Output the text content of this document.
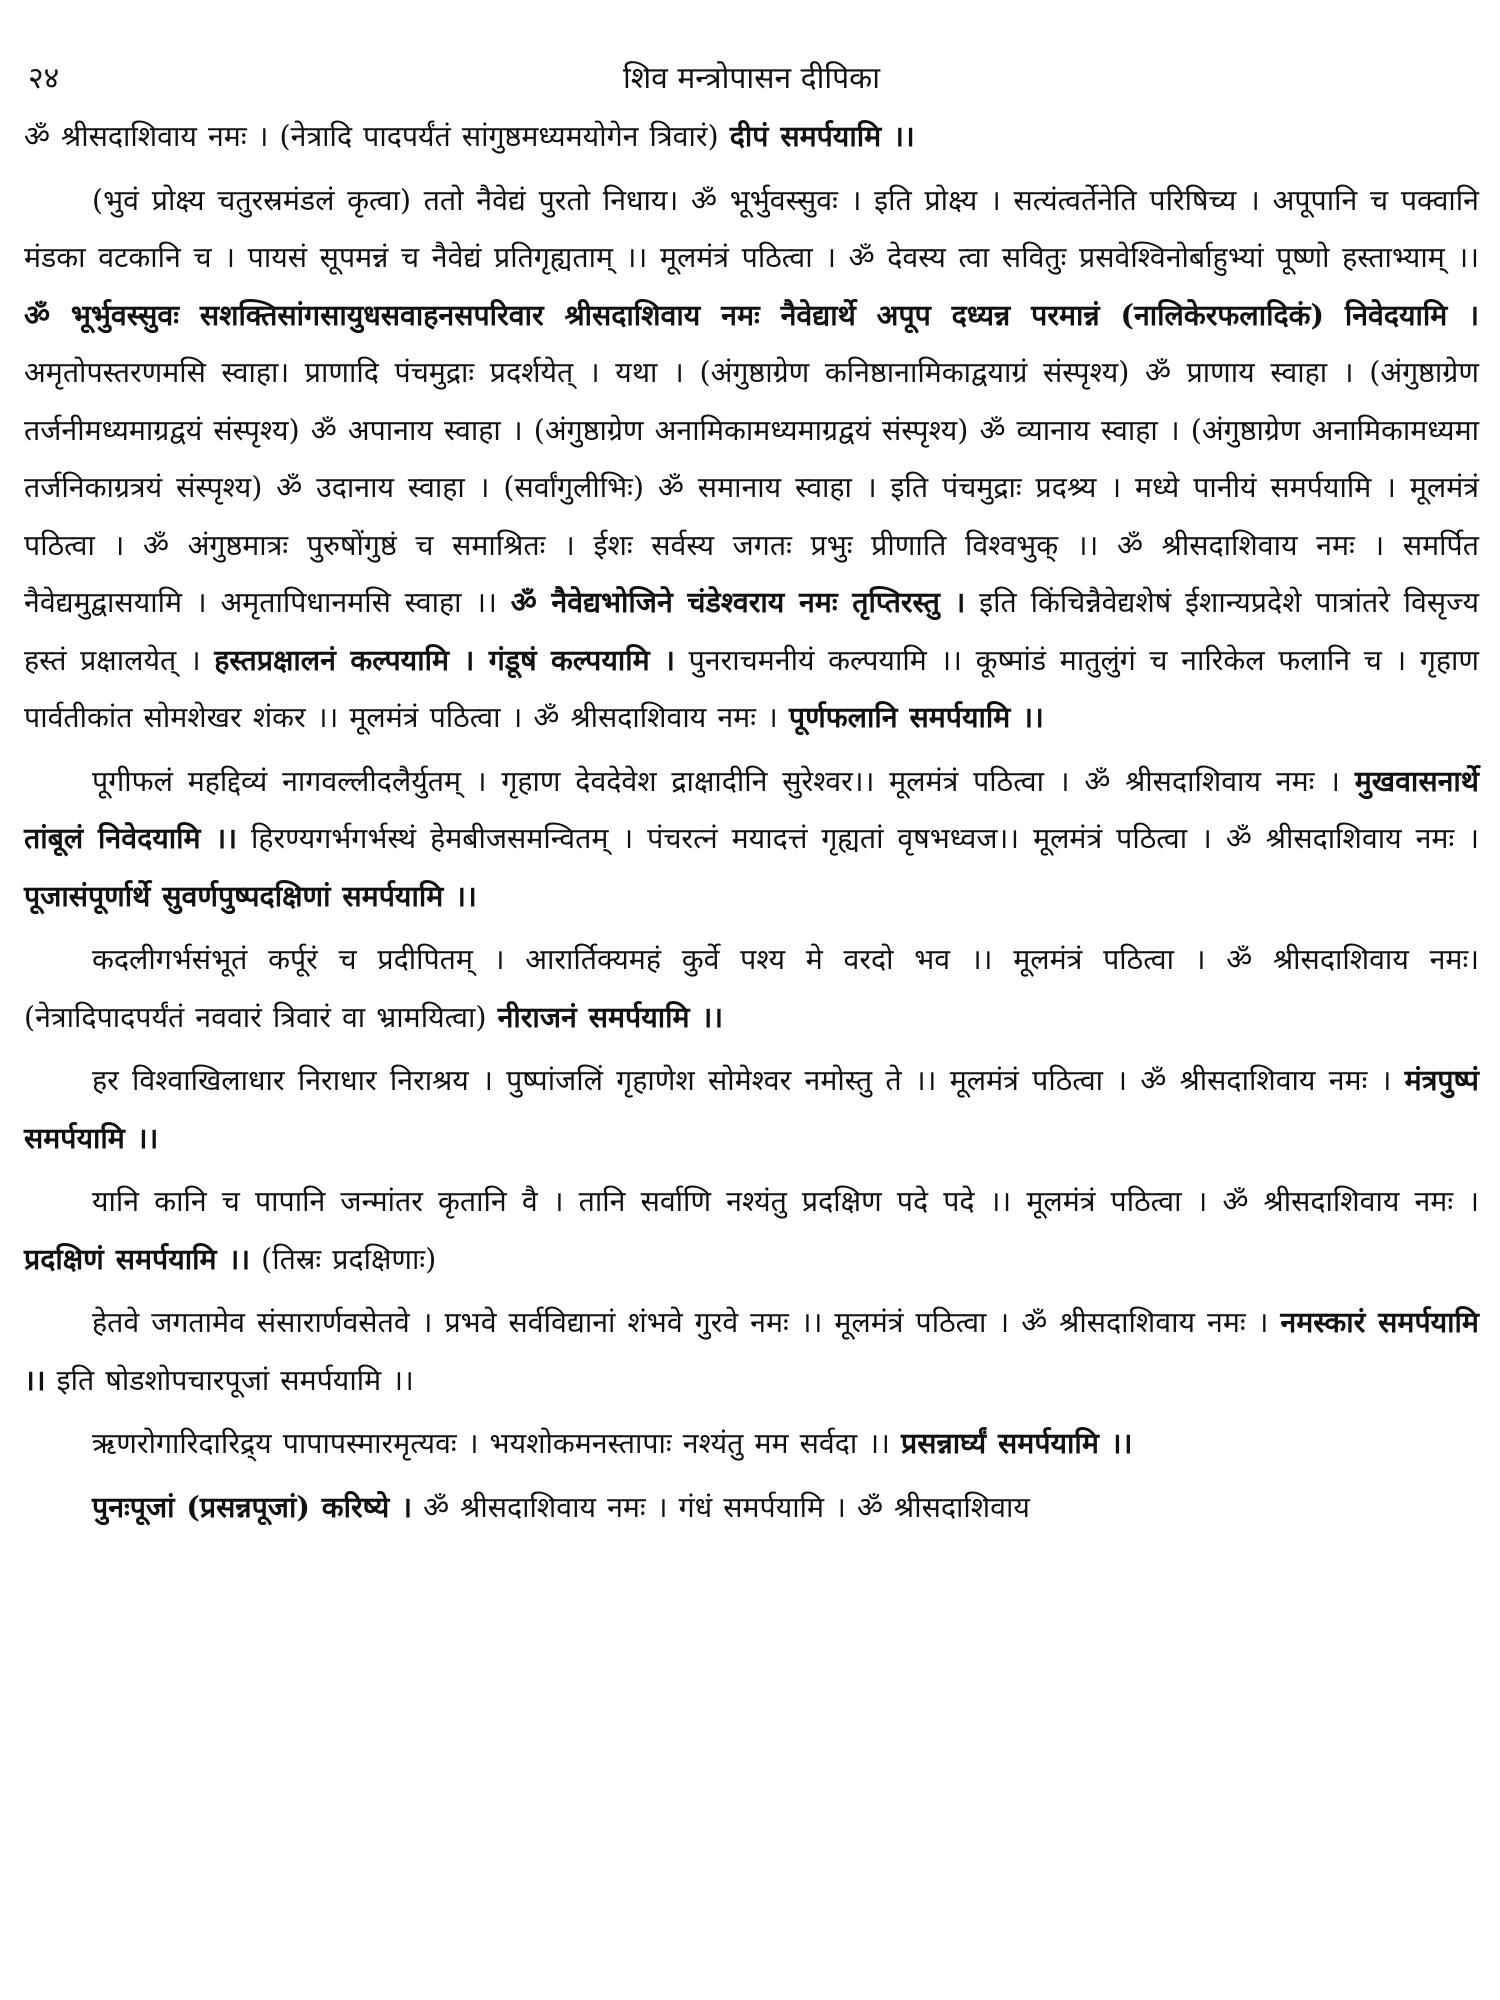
२४	शिव मन्त्रोपासन दीपिका

ॐ श्रीसदाशिवाय नमः । (नेत्रादि पादपर्यंतं सांगुष्ठमध्यमयोगेन त्रिवारं) दीपं समर्पयामि ।।

(भुवं प्रोक्ष्य चतुरस्रमंडलं कृत्वा) ततो नैवेद्यं पुरतो निधाय। ॐ भूर्भुवस्सुवः । इति प्रोक्ष्य । सत्यंत्वर्तेनेति परिषिच्य । अपूपानि च पक्वानि मंडका वटकानि च । पायसं सूपमन्नं च नैवेद्यं प्रतिगृह्यताम् ।। मूलमंत्रं पठित्वा । ॐ देवस्य त्वा सवितुः प्रसवेश्विनोर्बाहुभ्यां पूष्णो हस्ताभ्याम् ।। ॐ भूर्भुवस्सुवः सशक्तिसांगसायुधसवाहनसपरिवार श्रीसदाशिवाय नमः नैवेद्यार्थे अपूप दध्यन्न परमान्नं (नालिकेरफलादिकं) निवेदयामि । अमृतोपस्तरणमसि स्वाहा। प्राणादि पंचमुद्राः प्रदर्शयेत् । यथा । (अंगुष्ठाग्रेण कनिष्ठानामिकाद्वयाग्रं संस्पृश्य) ॐ प्राणाय स्वाहा । (अंगुष्ठाग्रेण तर्जनीमध्यमाग्रद्वयं संस्पृश्य) ॐ अपानाय स्वाहा । (अंगुष्ठाग्रेण अनामिकामध्यमाग्रद्वयं संस्पृश्य) ॐ व्यानाय स्वाहा । (अंगुष्ठाग्रेण अनामिकामध्यमा तर्जनिकाग्रत्रयं संस्पृश्य) ॐ उदानाय स्वाहा । (सर्वांगुलीभिः) ॐ समानाय स्वाहा । इति पंचमुद्राः प्रदश्र्य । मध्ये पानीयं समर्पयामि । मूलमंत्रं पठित्वा । ॐ अंगुष्ठमात्रः पुरुषोंगुष्ठं च समाश्रितः । ईशः सर्वस्य जगतः प्रभुः प्रीणाति विश्वभुक् ।। ॐ श्रीसदाशिवाय नमः । समर्पित नैवेद्यमुद्वासयामि । अमृतापिधानमसि स्वाहा ।। ॐ नैवेद्यभोजिने चंडेश्वराय नमः तृप्तिरस्तु । इति किंचिन्नैवेद्यशेषं ईशान्यप्रदेशे पात्रांतरे विसृज्य हस्तं प्रक्षालयेत् । हस्तप्रक्षालनं कल्पयामि । गंडूषं कल्पयामि । पुनराचमनीयं कल्पयामि ।। कूष्मांडं मातुलुंगं च नारिकेल फलानि च । गृहाण पार्वतीकांत सोमशेखर शंकर ।। मूलमंत्रं पठित्वा । ॐ श्रीसदाशिवाय नमः । पूर्णफलानि समर्पयामि ।।

पूगीफलं महद्दिव्यं नागवल्लीदलैर्युतम् । गृहाण देवदेवेश द्राक्षादीनि सुरेश्वर।। मूलमंत्रं पठित्वा । ॐ श्रीसदाशिवाय नमः । मुखवासनार्थे तांबूलं निवेदयामि ।। हिरण्यगर्भगर्भस्थं हेमबीजसमन्वितम् । पंचरत्नं मयादत्तं गृह्यतां वृषभध्वज।। मूलमंत्रं पठित्वा । ॐ श्रीसदाशिवाय नमः । पूजासंपूर्णार्थे सुवर्णपुष्पदक्षिणां समर्पयामि ।।

कदलीगर्भसंभूतं कर्पूरं च प्रदीपितम् । आरार्तिक्यमहं कुर्वे पश्य मे वरदो भव ।। मूलमंत्रं पठित्वा । ॐ श्रीसदाशिवाय नमः। (नेत्रादिपादपर्यंतं नववारं त्रिवारं वा भ्रामयित्वा) नीराजनं समर्पयामि ।।

हर विश्वाखिलाधार निराधार निराश्रय । पुष्पांजलिं गृहाणेश सोमेश्वर नमोस्तु ते ।। मूलमंत्रं पठित्वा । ॐ श्रीसदाशिवाय नमः । मंत्रपुष्पं समर्पयामि ।।

यानि कानि च पापानि जन्मांतर कृतानि वै । तानि सर्वाणि नश्यंतु प्रदक्षिण पदे पदे ।। मूलमंत्रं पठित्वा । ॐ श्रीसदाशिवाय नमः । प्रदक्षिणं समर्पयामि ।। (तिस्रः प्रदक्षिणाः)

हेतवे जगतामेव संसारार्णवसेतवे । प्रभवे सर्वविद्यानां शंभवे गुरवे नमः ।। मूलमंत्रं पठित्वा । ॐ श्रीसदाशिवाय नमः । नमस्कारं समर्पयामि ।। इति षोडशोपचारपूजां समर्पयामि ।।

ऋणरोगारिदारिद्र्य पापापस्मारमृत्यवः । भयशोकमनस्तापाः नश्यंतु मम सर्वदा ।। प्रसन्नार्घ्यं समर्पयामि ।।

पुनःपूजां (प्रसन्नपूजां) करिष्ये । ॐ श्रीसदाशिवाय नमः । गंधं समर्पयामि । ॐ श्रीसदाशिवाय
